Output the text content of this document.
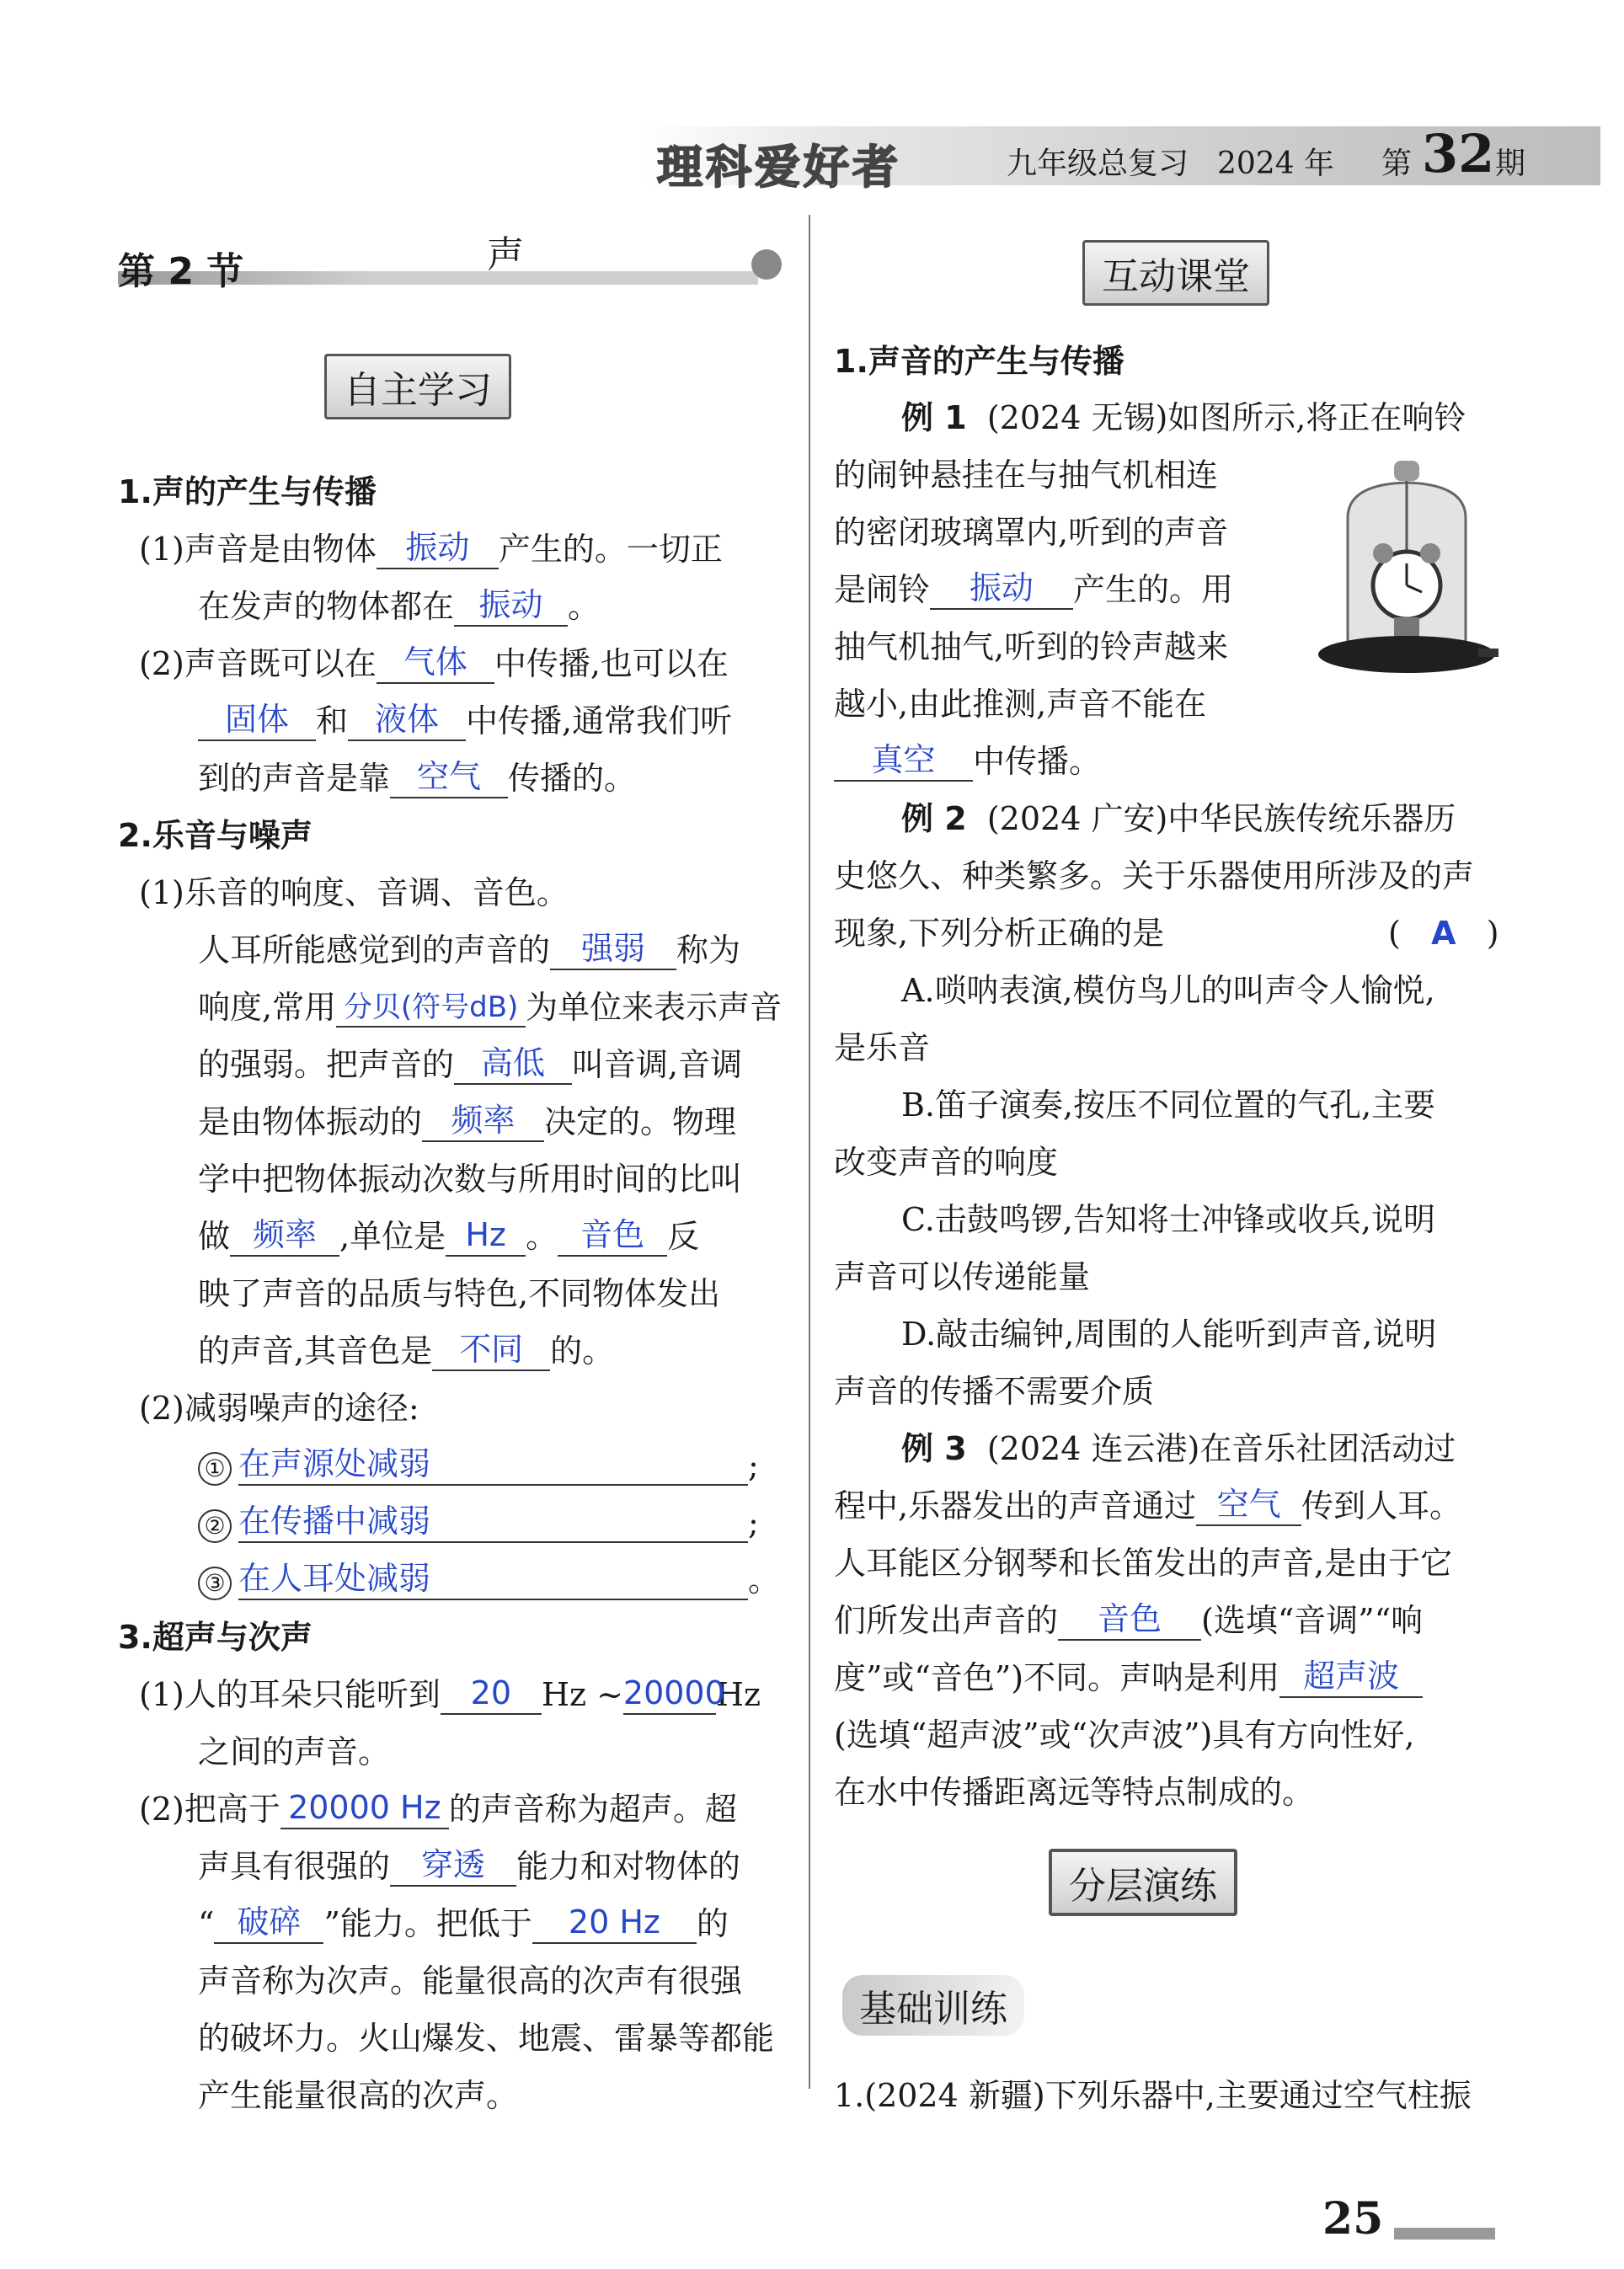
理科爱好者	九年级总复习 2024 年 第 32 期
第 2 节	声
自主学习
1.声的产生与传播
(1)声音是由物体 振动 产生的。一切正
在发声的物体都在 振动 。
(2)声音既可以在 气体 中传播,也可以在
固体 和 液体 中传播,通常我们听
到的声音是靠 空气 传播的。
2.乐音与噪声
(1)乐音的响度、音调、音色。
人耳所能感觉到的声音的 强弱 称为
响度,常用 分贝(符号dB) 为单位来表示声音
的强弱。把声音的 高低 叫音调,音调
是由物体振动的 频率 决定的。物理
学中把物体振动次数与所用时间的比叫
做 频率 ,单位是 Hz 。 音色 反
映了声音的品质与特色,不同物体发出
的声音,其音色是 不同 的。
(2)减弱噪声的途径:
① 在声源处减弱	;
② 在传播中减弱	;
③ 在人耳处减弱	。
3.超声与次声
(1)人的耳朵只能听到 20 Hz ~20000Hz
之间的声音。
(2)把高于 20000 Hz 的声音称为超声。超
声具有很强的 穿透 能力和对物体的
“ 破碎 ”能力。把低于 20 Hz 的
声音称为次声。能量很高的次声有很强
的破坏力。火山爆发、地震、雷暴等都能
产生能量很高的次声。
互动课堂
1.声音的产生与传播
例 1 (2024 无锡)如图所示,将正在响铃
的闹钟悬挂在与抽气机相连
的密闭玻璃罩内,听到的声音
是闹铃 振动 产生的。用
抽气机抽气,听到的铃声越来
越小,由此推测,声音不能在
真空 中传播。
例 2 (2024 广安)中华民族传统乐器历
史悠久、种类繁多。关于乐器使用所涉及的声
现象,下列分析正确的是	( A )
A.唢呐表演,模仿鸟儿的叫声令人愉悦,
是乐音
B.笛子演奏,按压不同位置的气孔,主要
改变声音的响度
C.击鼓鸣锣,告知将士冲锋或收兵,说明
声音可以传递能量
D.敲击编钟,周围的人能听到声音,说明
声音的传播不需要介质
例 3 (2024 连云港)在音乐社团活动过
程中,乐器发出的声音通过 空气 传到人耳。
人耳能区分钢琴和长笛发出的声音,是由于它
们所发出声音的 音色 (选填“音调”“响
度”或“音色”)不同。声呐是利用 超声波
(选填“超声波”或“次声波”)具有方向性好,
在水中传播距离远等特点制成的。
分层演练
基础训练
1.(2024 新疆)下列乐器中,主要通过空气柱振
25
